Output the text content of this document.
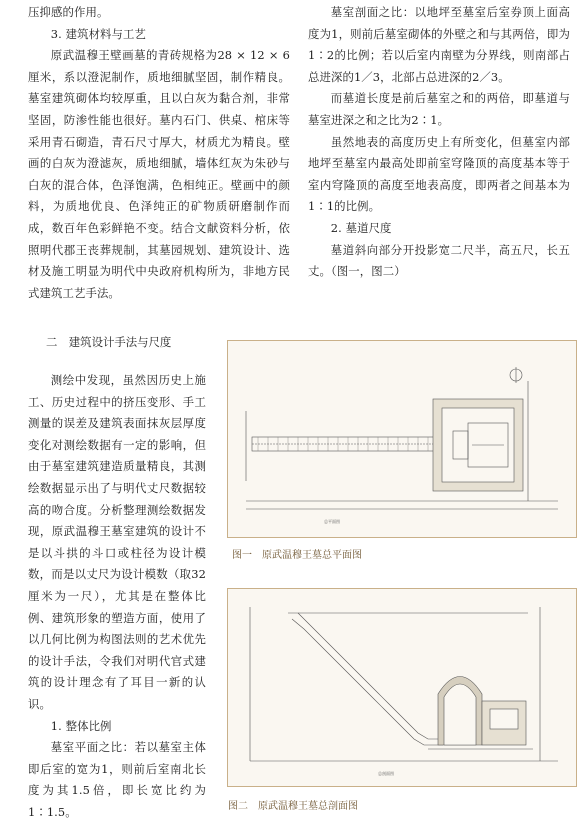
压抑感的作用。

3. 建筑材料与工艺

原武温穆王壁画墓的青砖规格为28 × 12 × 6厘米，系以澄泥制作，质地细腻坚固，制作精良。墓室建筑砌体均较厚重，且以白灰为黏合剂，非常坚固，防渗性能也很好。墓内石门、供桌、棺床等采用青石砌造，青石尺寸厚大，材质尤为精良。壁画的白灰为澄滤灰，质地细腻，墙体红灰为朱砂与白灰的混合体，色泽饱满，色相纯正。壁画中的颜料，为质地优良、色泽纯正的矿物质研磨制作而成，数百年色彩鲜艳不变。结合文献资料分析，依照明代郡王丧葬规制，其墓园规划、建筑设计、选材及施工明显为明代中央政府机构所为，非地方民式建筑工艺手法。

墓室剖面之比：以地坪至墓室后室券顶上面高度为1，则前后墓室砌体的外壁之和与其两倍，即为1∶2的比例；若以后室内南壁为分界线，则南部占总进深的1／3，北部占总进深的2／3。

而墓道长度是前后墓室之和的两倍，即墓道与墓室进深之和之比为2∶1。

虽然地表的高度历史上有所变化，但墓室内部地坪至墓室内最高处即前室穹隆顶的高度基本等于室内穹隆顶的高度至地表高度，即两者之间基本为1∶1的比例。

2. 墓道尺度

墓道斜向部分开投影宽二尺半，高五尺，长五丈。（图一，图二）

二　建筑设计手法与尺度

测绘中发现，虽然因历史上施工、历史过程中的挤压变形、手工测量的误差及建筑表面抹灰层厚度变化对测绘数据有一定的影响，但由于墓室建筑建造质量精良，其测绘数据显示出了与明代丈尺数据较高的吻合度。分析整理测绘数据发现，原武温穆王墓室建筑的设计不是以斗拱的斗口或柱径为设计模数，而是以丈尺为设计模数（取32厘米为一尺），尤其是在整体比例、建筑形象的塑造方面，使用了以几何比例为构图法则的艺术优先的设计手法，令我们对明代官式建筑的设计理念有了耳目一新的认识。

1. 整体比例

墓室平面之比：若以墓室主体即后室的宽为1，则前后室南北长度为其1.5倍，即长宽比约为1∶1.5。

总平面图
图一　原武温穆王墓总平面图
总剖面图
图二　原武温穆王墓总剖面图
